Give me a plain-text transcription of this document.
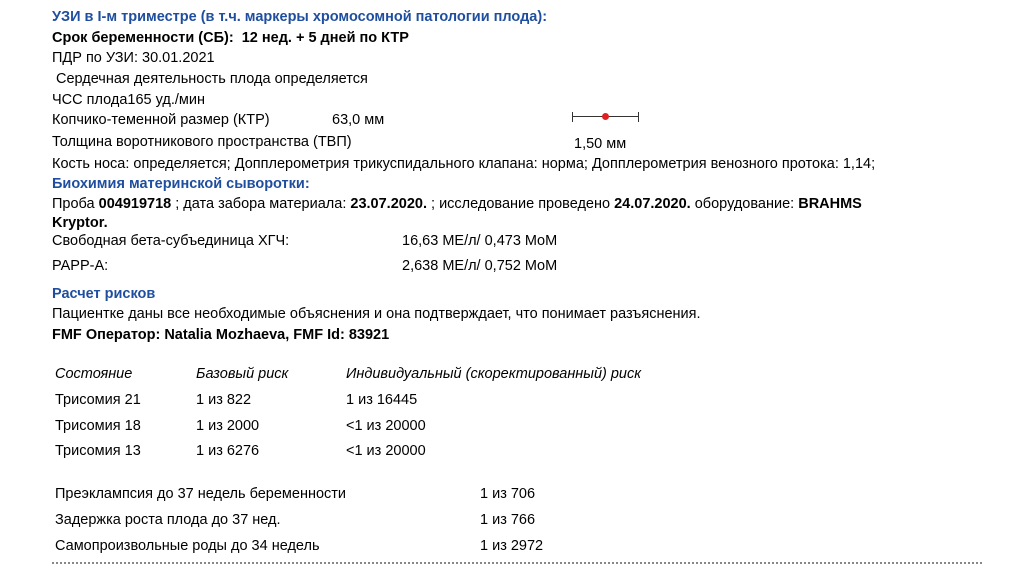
УЗИ в I-м триместре (в т.ч. маркеры хромосомной патологии плода):
Срок беременности (СБ): 12 нед. + 5 дней по КТР
ПДР по УЗИ: 30.01.2021
Сердечная деятельность плода определяется
ЧСС плода165 уд./мин
Копчико-теменной размер (КТР)	63,0 мм
Толщина воротникового пространства (ТВП)	1,50 мм
Кость носа: определяется; Допплерометрия трикуспидального клапана: норма; Допплерометрия венозного протока: 1,14;
Биохимия материнской сыворотки:
Проба 004919718 ; дата забора материала: 23.07.2020. ; исследование проведено 24.07.2020. оборудование: BRAHMS
Kryptor.
Свободная бета-субъединица ХГЧ:	16,63 МЕ/л/ 0,473 MoM
PAPP-A:	2,638 МЕ/л/ 0,752 MoM
Расчет рисков
Пациентке даны все необходимые объяснения и она подтверждает, что понимает разъяснения.
FMF Оператор: Natalia Mozhaeva, FMF Id: 83921
Состояние	Базовый риск	Индивидуальный (скоректированный) риск
Трисомия 21	1 из 822	1 из 16445
Трисомия 18	1 из 2000	<1 из 20000
Трисомия 13	1 из 6276	<1 из 20000
Преэклампсия до 37 недель беременности	1 из 706
Задержка роста плода до 37 нед.	1 из 766
Самопроизвольные роды до 34 недель	1 из 2972
